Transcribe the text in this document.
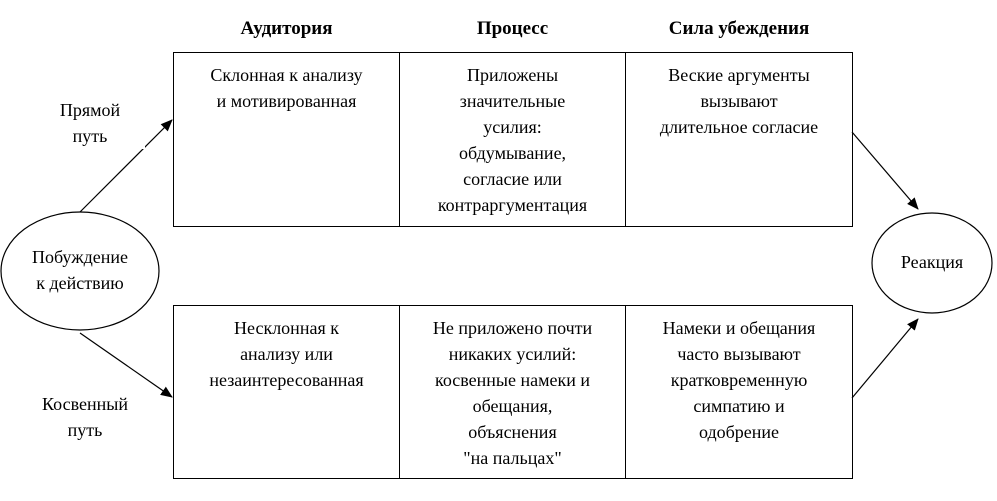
Аудитория	Процесс	Сила убеждения
Склонная к анализу
и мотивированная
Приложены
значительные
усилия:
обдумывание,
согласие или
контраргументация
Веские аргументы
вызывают
длительное согласие
Несклонная к
анализу или
незаинтересованная
Не приложено почти
никаких усилий:
косвенные намеки и
обещания,
объяснения
"на пальцах"
Намеки и обещания
часто вызывают
кратковременную
симпатию и
одобрение
Побуждение
к действию
Реакция
Прямой
путь
Косвенный
путь
